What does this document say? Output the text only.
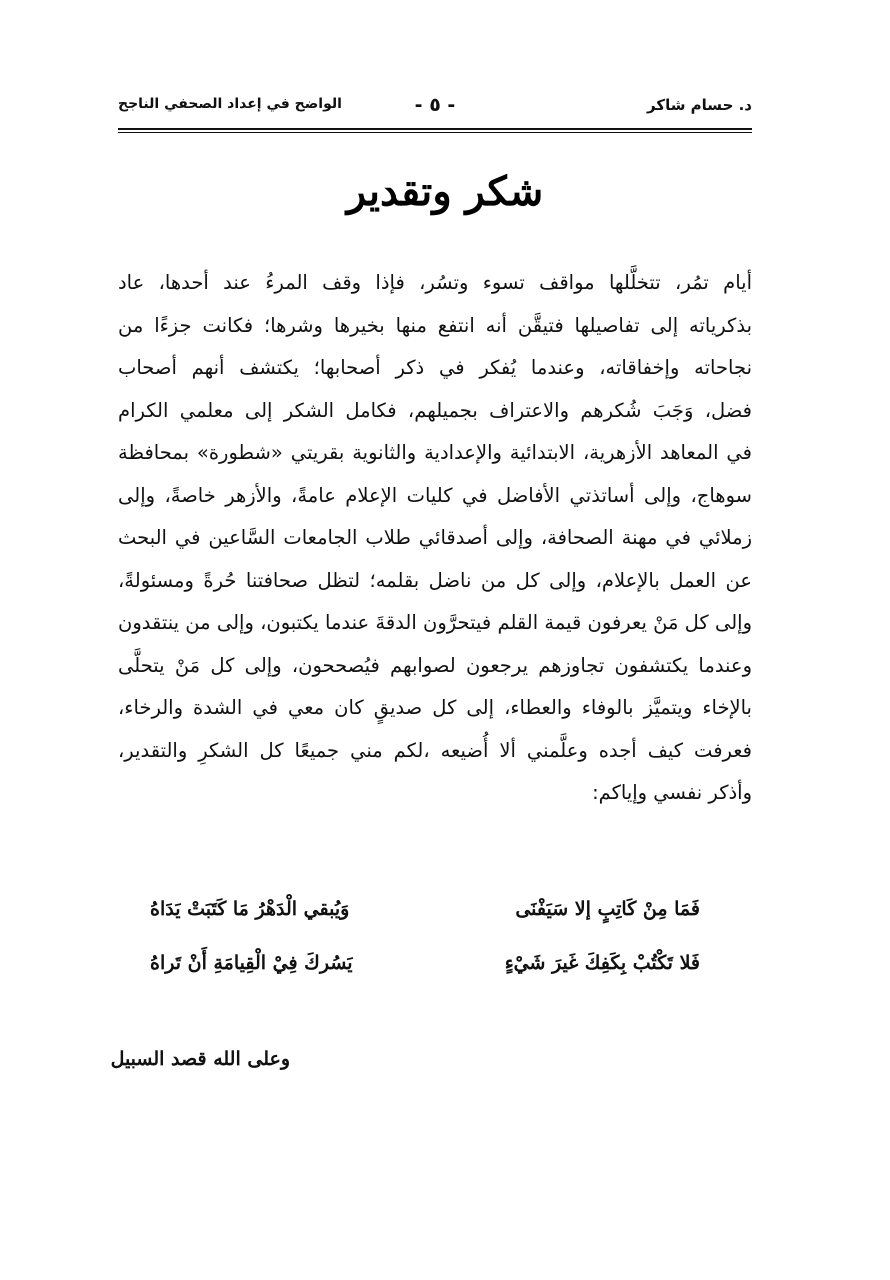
د. حسام شاكر
- ٥ -
الواضح في إعداد الصحفي الناجح
شكر وتقدير
أيام تمُر، تتخلَّلها مواقف تسوء وتسُر، فإذا وقف المرءُ عند أحدها، عاد
بذكرياته إلى تفاصيلها فتيقَّن أنه انتفع منها بخيرها وشرها؛ فكانت جزءًا من
نجاحاته وإخفاقاته، وعندما يُفكر في ذكر أصحابها؛ يكتشف أنهم أصحاب
فضل، وَجَبَ شُكرهم والاعتراف بجميلهم، فكامل الشكر إلى معلمي الكرام
في المعاهد الأزهرية، الابتدائية والإعدادية والثانوية بقريتي «شطورة» بمحافظة
سوهاج، وإلى أساتذتي الأفاضل في كليات الإعلام عامةً، والأزهر خاصةً، وإلى
زملائي في مهنة الصحافة، وإلى أصدقائي طلاب الجامعات السَّاعين في البحث
عن العمل بالإعلام، وإلى كل من ناضل بقلمه؛ لتظل صحافتنا حُرةً ومسئولةً،
وإلى كل مَنْ يعرفون قيمة القلم فيتحرَّون الدقةَ عندما يكتبون، وإلى من ينتقدون
وعندما يكتشفون تجاوزهم يرجعون لصوابهم فيُصححون، وإلى كل مَنْ يتحلَّى
بالإخاء ويتميَّز بالوفاء والعطاء، إلى كل صديقٍ كان معي في الشدة والرخاء،
فعرفت كيف أجده وعلَّمني ألا أُضيعه ،لكم مني جميعًا كل الشكرِ والتقدير،
وأذكر نفسي وإياكم:
فَمَا مِنْ كَاتِبٍ إلا سَيَفْنَى
وَيُبقي الْدَهْرُ مَا كَتَبَتْ يَدَاهُ
فَلا تَكْتُبْ بِكَفِكَ غَيرَ شَيْءٍ
يَسُركَ فِيْ الْقِيامَةِ أَنْ تَراهُ
وعلى الله قصد السبيل
